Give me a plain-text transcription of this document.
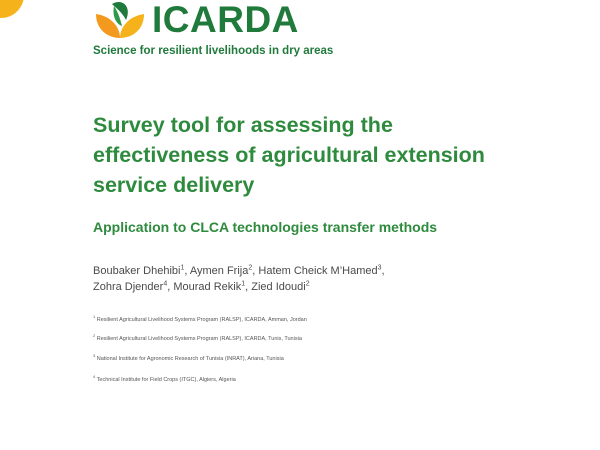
ICARDA
Science for resilient livelihoods in dry areas
Survey tool for assessing the effectiveness of agricultural extension service delivery
Application to CLCA technologies transfer methods
Boubaker Dhehibi$^1$, Aymen Frija$^2$, Hatem Cheick M’Hamed$^3$,
Zohra Djender$^4$, Mourad Rekik$^1$, Zied Idoudi$^2$
$^1$ Resilient Agricultural Livelihood Systems Program (RALSP), ICARDA, Amman, Jordan
$^2$ Resilient Agricultural Livelihood Systems Program (RALSP), ICARDA, Tunis, Tunisia
$^3$ National Institute for Agronomic Research of Tunisia (INRAT), Ariana, Tunisia
$^4$ Technical Institute for Field Crops (ITGC), Algiers, Algeria
